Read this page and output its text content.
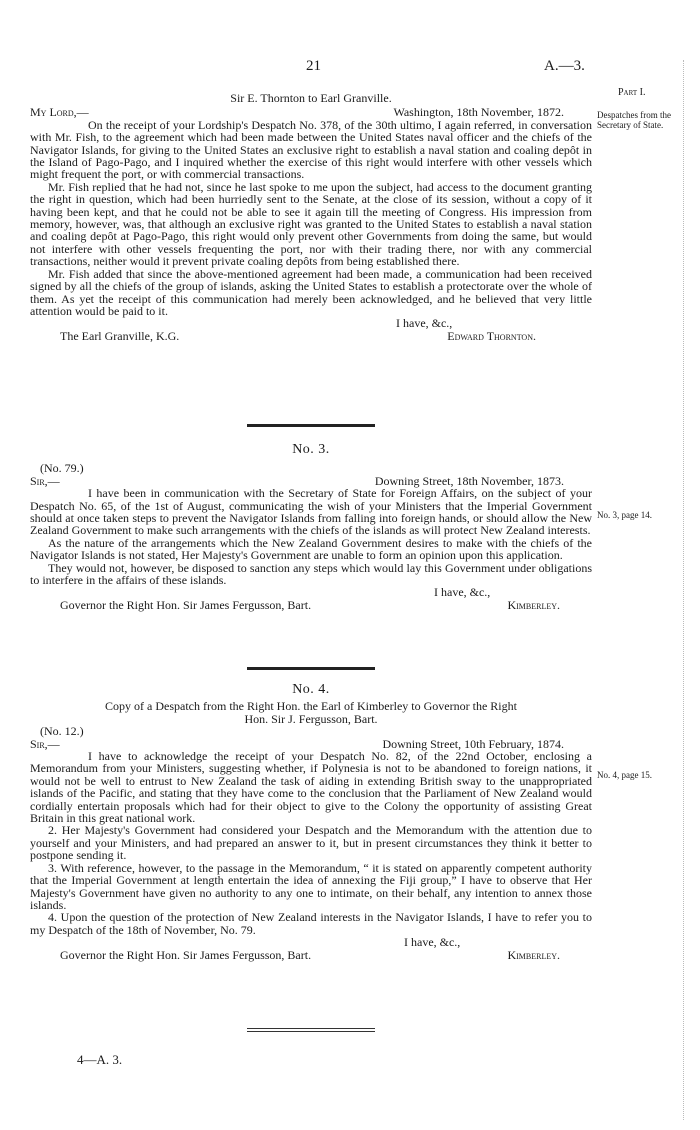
21	A.—3.
Part I.
Despatches from the Secretary of State.
No. 3, page 14.
No. 4, page 15.

Sir E. Thornton to Earl Granville.

My Lord,—	Washington, 18th November, 1872.

On the receipt of your Lordship's Despatch No. 378, of the 30th ultimo, I again referred, in conversation with Mr. Fish, to the agreement which had been made between the United States naval officer and the chiefs of the Navigator Islands, for giving to the United States an exclusive right to establish a naval station and coaling depôt in the Island of Pago-Pago, and I inquired whether the exercise of this right would interfere with other vessels which might frequent the port, or with commercial transactions.

Mr. Fish replied that he had not, since he last spoke to me upon the subject, had access to the document granting the right in question, which had been hurriedly sent to the Senate, at the close of its session, without a copy of it having been kept, and that he could not be able to see it again till the meeting of Congress. His impression from memory, however, was, that although an exclusive right was granted to the United States to establish a naval station and coaling depôt at Pago-Pago, this right would only prevent other Governments from doing the same, but would not interfere with other vessels frequenting the port, nor with their trading there, nor with any commercial transactions, neither would it prevent private coaling depôts from being established there.

Mr. Fish added that since the above-mentioned agreement had been made, a communication had been received signed by all the chiefs of the group of islands, asking the United States to establish a protectorate over the whole of them. As yet the receipt of this communication had merely been acknowledged, and he believed that very little attention would be paid to it.

I have, &c.,

The Earl Granville, K.G.	Edward Thornton.
No. 3.

(No. 79.)

Sir,—	Downing Street, 18th November, 1873.

I have been in communication with the Secretary of State for Foreign Affairs, on the subject of your Despatch No. 65, of the 1st of August, communicating the wish of your Ministers that the Imperial Government should at once taken steps to prevent the Navigator Islands from falling into foreign hands, or should allow the New Zealand Government to make such arrangements with the chiefs of the islands as will protect New Zealand interests.

As the nature of the arrangements which the New Zealand Government desires to make with the chiefs of the Navigator Islands is not stated, Her Majesty's Government are unable to form an opinion upon this application.

They would not, however, be disposed to sanction any steps which would lay this Government under obligations to interfere in the affairs of these islands.

I have, &c.,

Governor the Right Hon. Sir James Fergusson, Bart.	Kimberley.
No. 4.

Copy of a Despatch from the Right Hon. the Earl of Kimberley to Governor the Right

Hon. Sir J. Fergusson, Bart.

(No. 12.)

Sir,—	Downing Street, 10th February, 1874.

I have to acknowledge the receipt of your Despatch No. 82, of the 22nd October, enclosing a Memorandum from your Ministers, suggesting whether, if Polynesia is not to be abandoned to foreign nations, it would not be well to entrust to New Zealand the task of aiding in extending British sway to the unappropriated islands of the Pacific, and stating that they have come to the conclusion that the Parliament of New Zealand would cordially entertain proposals which had for their object to give to the Colony the opportunity of assisting Great Britain in this great national work.

2. Her Majesty's Government had considered your Despatch and the Memorandum with the attention due to yourself and your Ministers, and had prepared an answer to it, but in present circumstances they think it better to postpone sending it.

3. With reference, however, to the passage in the Memorandum, “ it is stated on apparently competent authority that the Imperial Government at length entertain the idea of annexing the Fiji group,” I have to observe that Her Majesty's Government have given no authority to any one to intimate, on their behalf, any intention to annex those islands.

4. Upon the question of the protection of New Zealand interests in the Navigator Islands, I have to refer you to my Despatch of the 18th of November, No. 79.

I have, &c.,

Governor the Right Hon. Sir James Fergusson, Bart.	Kimberley.
4—A. 3.
